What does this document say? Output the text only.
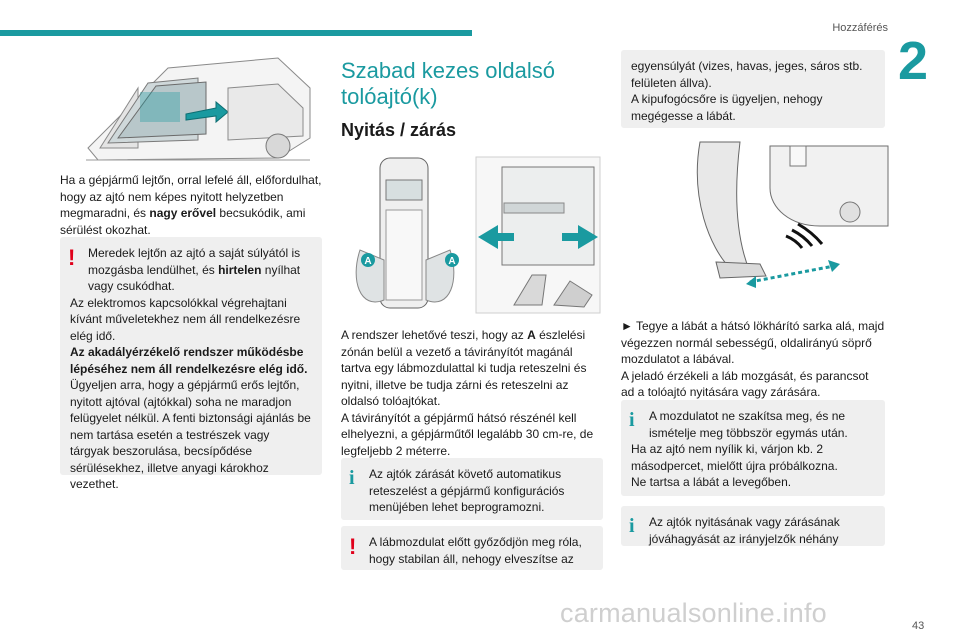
Hozzáférés
2

Ha a gépjármű lejtőn, orral lefelé áll, előfordulhat, hogy az ajtó nem képes nyitott helyzetben megmaradni, és nagy erővel becsukódik, ami sérülést okozhat.

!	Meredek lejtőn az ajtó a saját súlyától is mozgásba lendülhet, és hirtelen nyílhat vagy csukódhat.
Az elektromos kapcsolókkal végrehajtani kívánt műveletekhez nem áll rendelkezésre elég idő.
Az akadályérzékelő rendszer működésbe lépéséhez nem áll rendelkezésre elég idő.
Ügyeljen arra, hogy a gépjármű erős lejtőn, nyitott ajtóval (ajtókkal) soha ne maradjon felügyelet nélkül. A fenti biztonsági ajánlás be nem tartása esetén a testrészek vagy tárgyak beszorulása, becsípődése sérülésekhez, illetve anyagi károkhoz vezethet.
Szabad kezes oldalsó tolóajtó(k)
Nyitás / zárás
A	A

A rendszer lehetővé teszi, hogy az A észlelési zónán belül a vezető a távirányítót magánál tartva egy lábmozdulattal ki tudja reteszelni és nyitni, illetve be tudja zárni és reteszelni az oldalsó tolóajtókat.

A távirányítót a gépjármű hátsó részénél kell elhelyezni, a gépjárműtől legalább 30 cm-re, de legfeljebb 2 méterre.

i	Az ajtók zárását követő automatikus reteszelést a gépjármű konfigurációs menüjében lehet beprogramozni.
!	A lábmozdulat előtt győződjön meg róla, hogy stabilan áll, nehogy elveszítse az
egyensúlyát (vizes, havas, jeges, sáros stb. felületen állva).
A kipufogócsőre is ügyeljen, nehogy megégesse a lábát.

► Tegye a lábát a hátsó lökhárító sarka alá, majd végezzen normál sebességű, oldalirányú söprő mozdulatot a lábával.

A jeladó érzékeli a láb mozgását, és parancsot ad a tolóajtó nyitására vagy zárására.

i	A mozdulatot ne szakítsa meg, és ne ismételje meg többször egymás után.
Ha az ajtó nem nyílik ki, várjon kb. 2 másodpercet, mielőtt újra próbálkozna.
Ne tartsa a lábát a levegőben.
i	Az ajtók nyitásának vagy zárásának jóváhagyását az irányjelzők néhány
carmanualsonline.info	43
